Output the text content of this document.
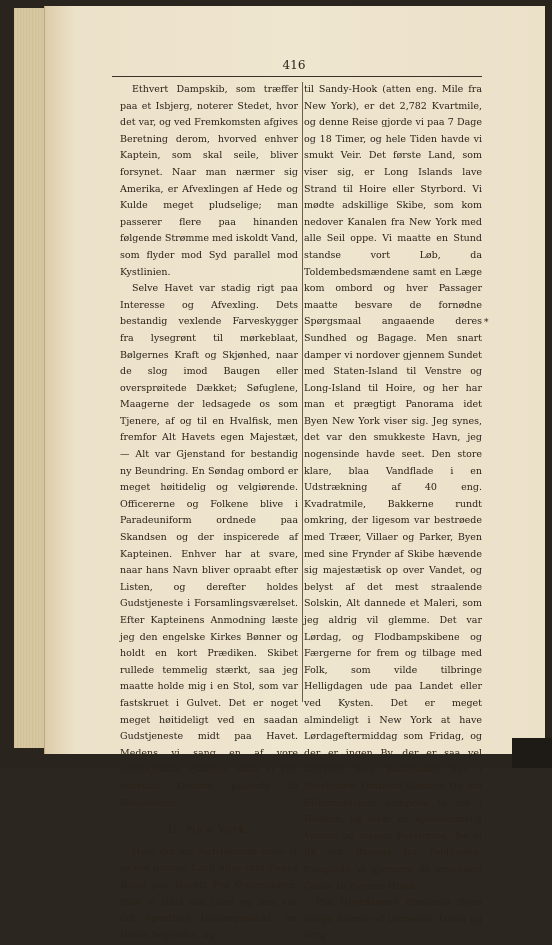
416

Ethvert Dampskib, som træffer paa et Isbjerg, noterer Stedet, hvor det var, og ved Fremkomsten afgives Beretning derom, hvorved enhver Kaptein, som skal seile, bliver forsynet. Naar man nærmer sig Amerika, er Afvexlingen af Hede og Kulde meget pludselige; man passerer flere paa hinanden følgende Strømme med iskoldt Vand, som flyder mod Syd parallel mod Kystlinien.

Selve Havet var stadig rigt paa Interesse og Afvexling. Dets bestandig vexlende Farveskygger fra lysegrønt til mørkeblaat, Bølgernes Kraft og Skjønhed, naar de slog imod Baugen eller oversprøitede Dækket; Søfuglene, Maagerne der ledsagede os som Tjenere, af og til en Hvalfisk, men fremfor Alt Havets egen Majestæt, — Alt var Gjenstand for bestandig ny Beundring. En Søndag ombord er meget høitidelig og velgiørende. Officererne og Folkene blive i Paradeuniform ordnede paa Skandsen og der inspicerede af Kapteinen. Enhver har at svare, naar hans Navn bliver opraabt efter Listen, og derefter holdes Gudstjeneste i Forsamlingsværelset. Efter Kapteinens Anmodning læste jeg den engelske Kirkes Bønner og holdt en kort Prædiken. Skibet rullede temmelig stærkt, saa jeg maatte holde mig i en Stol, som var fastskruet i Gulvet. Det er noget meget høitideligt ved en saadan Gudstjeneste midt paa Havet. Medens vi sang en af vore velbekjendte Psalmer, følte vi ret, hvordan Ordene passede til Situationen.

II. New York.

Hvor det var forfriskende atter at se det grønne Land efter otte Dages Reise paa Havet! Fra Queenstown, hvor vi sidst saa Land og som var det egentlige Udgangspunkt, før Havet begyndte, og

til Sandy-Hook (atten eng. Mile fra New York), er det 2,782 Kvartmile, og denne Reise gjorde vi paa 7 Dage og 18 Timer, og hele Tiden havde vi smukt Veir. Det første Land, som viser sig, er Long Islands lave Strand til Hoire eller Styrbord. Vi mødte adskillige Skibe, som kom nedover Kanalen fra New York med alle Seil oppe. Vi maatte en Stund standse vort Løb, da Toldembedsmændene samt en Læge kom ombord og hver Passager maatte besvare de fornødne Spørgsmaal angaaende deres Sundhed og Bagage. Men snart damper vi nordover gjennem Sundet med Staten-Island til Venstre og Long-Island til Hoire, og her har man et prægtigt Panorama idet Byen New York viser sig. Jeg synes, det var den smukkeste Havn, jeg nogensinde havde seet. Den store klare, blaa Vandflade i en Udstrækning af 40 eng. Kvadratmile, Bakkerne rundt omkring, der ligesom var bestrøede med Træer, Villaer og Parker, Byen med sine Frynder af Skibe hævende sig majestætisk op over Vandet, og belyst af det mest straalende Solskin, Alt dannede et Maleri, som jeg aldrig vil glemme. Det var Lørdag, og Flodbampskibene og Færgerne for frem og tilbage med Folk, som vilde tilbringe Helligdagen ude paa Landet eller ved Kysten. Det er meget almindeligt i New York at have Lørdageftermiddag som Fridag, og der er ingen By, der er saa vel forsynet med Badesteder lige i Nærheden. Omtrent Klokken Tre om Eftermiddagen dampede vi ind i Dokken, og efter en kjedsommelig Venten og megen Forvirring, før vi fik vor Bagage fra Toldboden, fraagtede vi gjennem de smudsige Gader til Avenue Hotel.

Paa Hverdagene fremviser Byen livlige Scener af larmende Trafik og ivrig

*
